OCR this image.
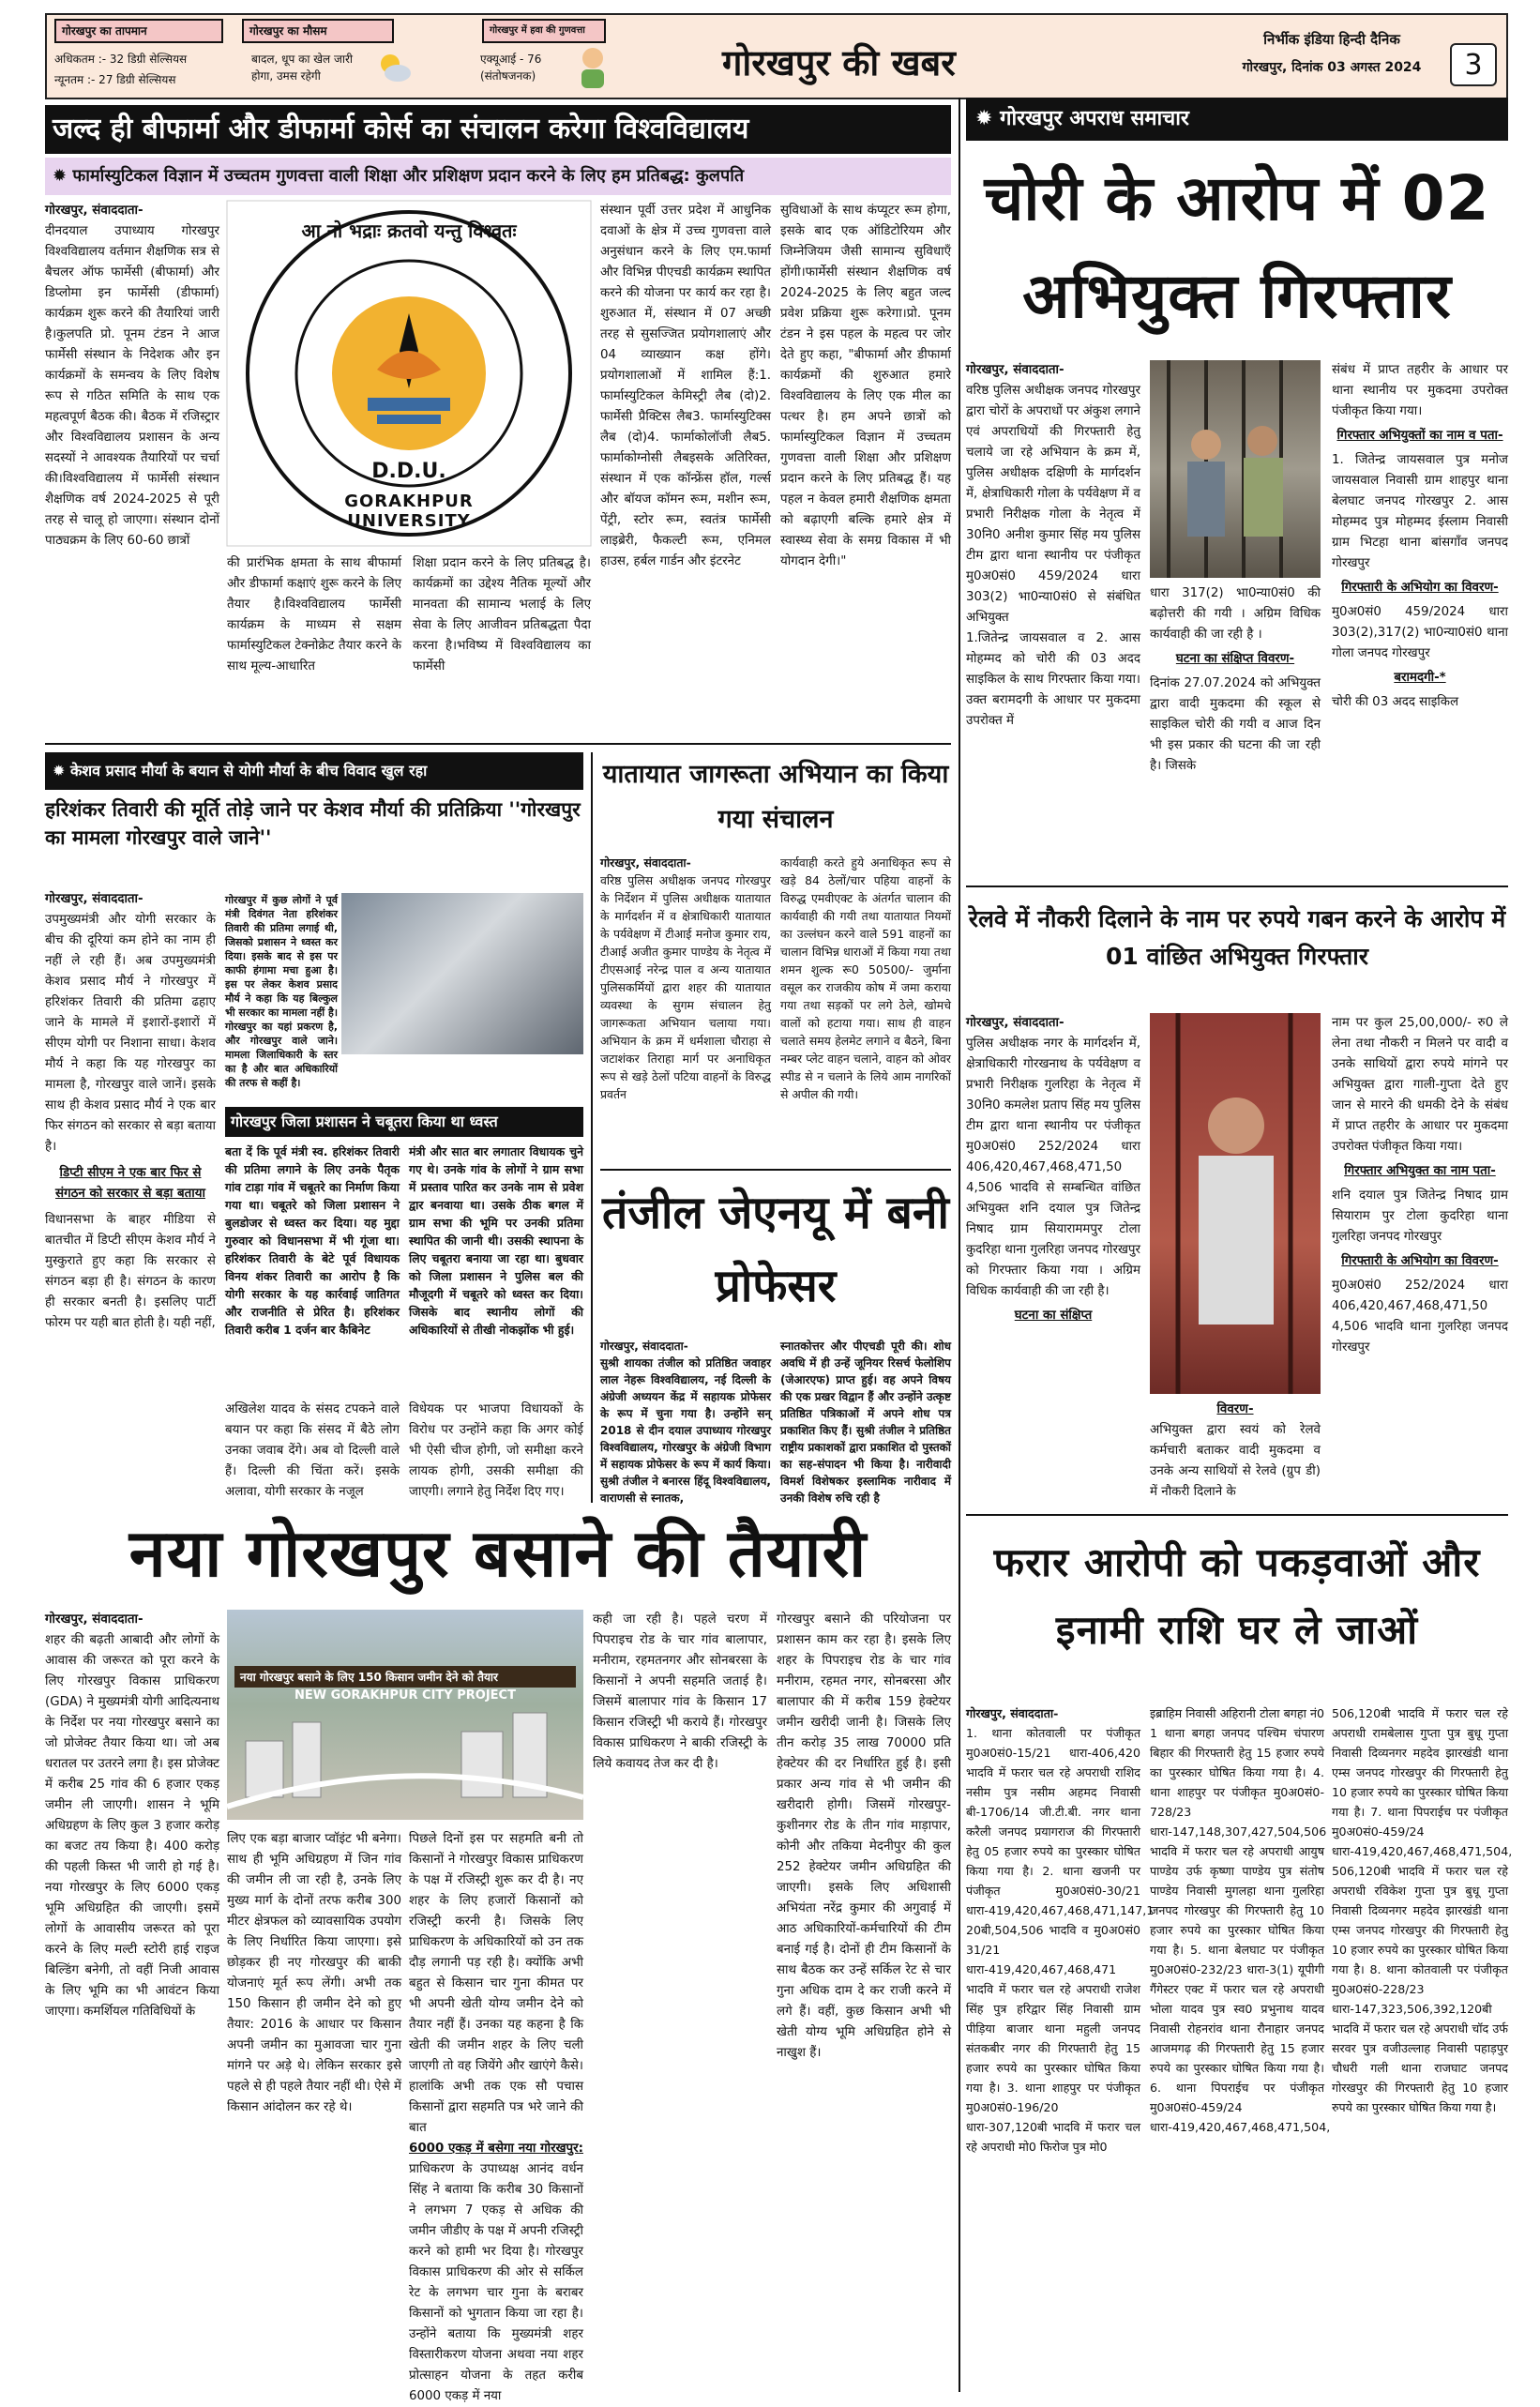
गोरखपुर का तापमान
अधिकतम :- 32 डिग्री सेल्सियस
न्यूनतम :- 27 डिग्री सेल्सियस
गोरखपुर का मौसम
बादल, धूप का खेल जारी होगा, उमस रहेगी
गोरखपुर में हवा की गुणवत्ता
एक्यूआई - 76 (संतोषजनक)	गोरखपुर की खबर
निर्भीक इंडिया हिन्दी दैनिक
गोरखपुर, दिनांक 03 अगस्त 2024	3
जल्द ही बीफार्मा और डीफार्मा कोर्स का संचालन करेगा विश्वविद्यालय
✹ फार्मास्युटिकल विज्ञान में उच्चतम गुणवत्ता वाली शिक्षा और प्रशिक्षण प्रदान करने के लिए हम प्रतिबद्ध: कुलपति
गोरखपुर, संवाददाता-
दीनदयाल उपाध्याय गोरखपुर विश्वविद्यालय वर्तमान शैक्षणिक सत्र से बैचलर ऑफ फार्मेसी (बीफार्मा) और डिप्लोमा इन फार्मेसी (डीफार्मा) कार्यक्रम शुरू करने की तैयारियां जारी है।कुलपति प्रो. पूनम टंडन ने आज फार्मेसी संस्थान के निदेशक और इन कार्यक्रमों के समन्वय के लिए विशेष रूप से गठित समिति के साथ एक महत्वपूर्ण बैठक की। बैठक में रजिस्ट्रार और विश्वविद्यालय प्रशासन के अन्य सदस्यों ने आवश्यक तैयारियों पर चर्चा की।विश्वविद्यालय में फार्मेसी संस्थान शैक्षणिक वर्ष 2024-2025 से पूरी तरह से चालू हो जाएगा। संस्थान दोनों पाठ्यक्रम के लिए 60-60 छात्रों
आ नो भद्राः क्रतवो यन्तु विश्वतः
D.D.U.
GORAKHPUR UNIVERSITY
की प्रारंभिक क्षमता के साथ बीफार्मा और डीफार्मा कक्षाएं शुरू करने के लिए तैयार है।विश्वविद्यालय फार्मेसी कार्यक्रम के माध्यम से सक्षम फार्मास्युटिकल टेक्नोक्रेट तैयार करने के साथ मूल्य-आधारित
शिक्षा प्रदान करने के लिए प्रतिबद्ध है। कार्यक्रमों का उद्देश्य नैतिक मूल्यों और मानवता की सामान्य भलाई के लिए सेवा के लिए आजीवन प्रतिबद्धता पैदा करना है।भविष्य में विश्वविद्यालय का फार्मेसी
संस्थान पूर्वी उत्तर प्रदेश में आधुनिक दवाओं के क्षेत्र में उच्च गुणवत्ता वाले अनुसंधान करने के लिए एम.फार्मा और विभिन्न पीएचडी कार्यक्रम स्थापित करने की योजना पर कार्य कर रहा है।शुरुआत में, संस्थान में 07 अच्छी तरह से सुसज्जित प्रयोगशालाएं और 04 व्याख्यान कक्ष होंगे। प्रयोगशालाओं में शामिल हैं:1. फार्मास्युटिकल केमिस्ट्री लैब (दो)2. फार्मेसी प्रैक्टिस लैब3. फार्मास्युटिक्स लैब (दो)4. फार्माकोलॉजी लैब5. फार्माकोग्नोसी लैबइसके अतिरिक्त, संस्थान में एक कॉन्फ्रेंस हॉल, गर्ल्स और बॉयज कॉमन रूम, मशीन रूम, पेंट्री, स्टोर रूम, स्वतंत्र फार्मेसी लाइब्रेरी, फैकल्टी रूम, एनिमल हाउस, हर्बल गार्डन और इंटरनेट
सुविधाओं के साथ कंप्यूटर रूम होगा, इसके बाद एक ऑडिटोरियम और जिम्नेजियम जैसी सामान्य सुविधाएँ होंगी।फार्मेसी संस्थान शैक्षणिक वर्ष 2024-2025 के लिए बहुत जल्द प्रवेश प्रक्रिया शुरू करेगा।प्रो. पूनम टंडन ने इस पहल के महत्व पर जोर देते हुए कहा, "बीफार्मा और डीफार्मा कार्यक्रमों की शुरुआत हमारे विश्वविद्यालय के लिए एक मील का पत्थर है। हम अपने छात्रों को फार्मास्युटिकल विज्ञान में उच्चतम गुणवत्ता वाली शिक्षा और प्रशिक्षण प्रदान करने के लिए प्रतिबद्ध हैं। यह पहल न केवल हमारी शैक्षणिक क्षमता को बढ़ाएगी बल्कि हमारे क्षेत्र में स्वास्थ्य सेवा के समग्र विकास में भी योगदान देगी।"
✹ केशव प्रसाद मौर्या के बयान से योगी मौर्या के बीच विवाद खुल रहा
हरिशंकर तिवारी की मूर्ति तोड़े जाने पर केशव मौर्या की प्रतिक्रिया ''गोरखपुर का मामला गोरखपुर वाले जाने''
गोरखपुर, संवाददाता-
उपमुख्यमंत्री और योगी सरकार के बीच की दूरियां कम होने का नाम ही नहीं ले रही हैं। अब उपमुख्यमंत्री केशव प्रसाद मौर्य ने गोरखपुर में हरिशंकर तिवारी की प्रतिमा ढहाए जाने के मामले में इशारों-इशारों में सीएम योगी पर निशाना साधा। केशव मौर्य ने कहा कि यह गोरखपुर का मामला है, गोरखपुर वाले जानें। इसके साथ ही केशव प्रसाद मौर्य ने एक बार फिर संगठन को सरकार से बड़ा बताया है।
डिप्टी सीएम ने एक बार फिर से संगठन को सरकार से बड़ा बताया
विधानसभा के बाहर मीडिया से बातचीत में डिप्टी सीएम केशव मौर्य ने मुस्कुराते हुए कहा कि सरकार से संगठन बड़ा ही है। संगठन के कारण ही सरकार बनती है। इसलिए पार्टी फोरम पर यही बात होती है। यही नहीं,
गोरखपुर में कुछ लोगों ने पूर्व मंत्री दिवंगत नेता हरिशंकर तिवारी की प्रतिमा लगाई थी, जिसको प्रशासन ने ध्वस्त कर दिया। इसके बाद से इस पर काफी हंगामा मचा हुआ है। इस पर लेकर केशव प्रसाद मौर्य ने कहा कि यह बिल्कुल भी सरकार का मामला नहीं है। गोरखपुर का यहां प्रकरण है, और गोरखपुर वाले जाने। मामला जिलाधिकारी के स्तर का है और बात अधिकारियों की तरफ से कहीं है।
गोरखपुर जिला प्रशासन ने चबूतरा किया था ध्वस्त
बता दें कि पूर्व मंत्री स्व. हरिशंकर तिवारी की प्रतिमा लगाने के लिए उनके पैतृक गांव टाड़ा गांव में चबूतरे का निर्माण किया गया था। चबूतरे को जिला प्रशासन ने बुलडोजर से ध्वस्त कर दिया। यह मुद्दा गुरुवार को विधानसभा में भी गूंजा था। हरिशंकर तिवारी के बेटे पूर्व विधायक विनय शंकर तिवारी का आरोप है कि योगी सरकार के यह कार्रवाई जातिगत और राजनीति से प्रेरित है। हरिशंकर तिवारी करीब 1 दर्जन बार कैबिनेट
मंत्री और सात बार लगातार विधायक चुने गए थे। उनके गांव के लोगों ने ग्राम सभा में प्रस्ताव पारित कर उनके नाम से प्रवेश द्वार बनवाया था। उसके ठीक बगल में ग्राम सभा की भूमि पर उनकी प्रतिमा स्थापित की जानी थी। उसकी स्थापना के लिए चबूतरा बनाया जा रहा था। बुधवार को जिला प्रशासन ने पुलिस बल की मौजूदगी में चबूतरे को ध्वस्त कर दिया। जिसके बाद स्थानीय लोगों की अधिकारियों से तीखी नोकझोंक भी हुई।
अखिलेश यादव के संसद टपकने वाले बयान पर कहा कि संसद में बैठे लोग उनका जवाब देंगे। अब वो दिल्ली वाले हैं। दिल्ली की चिंता करें। इसके अलावा, योगी सरकार के नजूल
विधेयक पर भाजपा विधायकों के विरोध पर उन्होंने कहा कि अगर कोई भी ऐसी चीज होगी, जो समीक्षा करने लायक होगी, उसकी समीक्षा की जाएगी। लगाने हेतु निर्देश दिए गए।
यातायात जागरूता अभियान का किया गया संचालन
गोरखपुर, संवाददाता-
वरिष्ठ पुलिस अधीक्षक जनपद गोरखपुर के निर्देशन में पुलिस अधीक्षक यातायात के मार्गदर्शन में व क्षेत्राधिकारी यातायात के पर्यवेक्षण में टीआई मनोज कुमार राय, टीआई अजीत कुमार पाण्डेय के नेतृत्व में टीएसआई नरेन्द्र पाल व अन्य यातायात पुलिसकर्मियों द्वारा शहर की यातायात व्यवस्था के सुगम संचालन हेतु जागरूकता अभियान चलाया गया। अभियान के क्रम में धर्मशाला चौराहा से जटाशंकर तिराहा मार्ग पर अनाधिकृत रूप से खड़े ठेलों पटिया वाहनों के विरुद्ध प्रवर्तन
कार्यवाही करते हुये अनाधिकृत रूप से खड़े 84 ठेलों/चार पहिया वाहनों के विरुद्ध एमवीएक्ट के अंतर्गत चालान की कार्यवाही की गयी तथा यातायात नियमों का उल्लंघन करने वाले 591 वाहनों का चालान विभिन्न धाराओं में किया गया तथा शमन शुल्क रू0 50500/- जुर्माना वसूल कर राजकीय कोष में जमा कराया गया तथा सड़कों पर लगे ठेले, खोमचे वालों को हटाया गया। साथ ही वाहन चलाते समय हेलमेट लगाने व बैठने, बिना नम्बर प्लेट वाहन चलाने, वाहन को ओवर स्पीड से न चलाने के लिये आम नागरिकों से अपील की गयी।
तंजील जेएनयू में बनी प्रोफेसर
गोरखपुर, संवाददाता-
सुश्री शायका तंजील को प्रतिष्ठित जवाहर लाल नेहरू विश्वविद्यालय, नई दिल्ली के अंग्रेजी अध्ययन केंद्र में सहायक प्रोफेसर के रूप में चुना गया है। उन्होंने सन् 2018 से दीन दयाल उपाध्याय गोरखपुर विश्वविद्यालय, गोरखपुर के अंग्रेजी विभाग में सहायक प्रोफेसर के रूप में कार्य किया।सुश्री तंजील ने बनारस हिंदू विश्वविद्यालय, वाराणसी से स्नातक,
स्नातकोत्तर और पीएचडी पूरी की। शोध अवधि में ही उन्हें जूनियर रिसर्च फेलोशिप (जेआरएफ) प्राप्त हुई। वह अपने विषय की एक प्रखर विद्वान हैं और उन्होंने उत्कृष्ट प्रतिष्ठित पत्रिकाओं में अपने शोध पत्र प्रकाशित किए हैं। सुश्री तंजील ने प्रतिष्ठित राष्ट्रीय प्रकाशकों द्वारा प्रकाशित दो पुस्तकों का सह-संपादन भी किया है। नारीवादी विमर्श विशेषकर इस्लामिक नारीवाद में उनकी विशेष रुचि रही है
नया गोरखपुर बसाने की तैयारी
गोरखपुर, संवाददाता-
शहर की बढ़ती आबादी और लोगों के आवास की जरूरत को पूरा करने के लिए गोरखपुर विकास प्राधिकरण (GDA) ने मुख्यमंत्री योगी आदित्यनाथ के निर्देश पर नया गोरखपुर बसाने का जो प्रोजेक्ट तैयार किया था। जो अब धरातल पर उतरने लगा है। इस प्रोजेक्ट में करीब 25 गांव की 6 हजार एकड़ जमीन ली जाएगी। शासन ने भूमि अधिग्रहण के लिए कुल 3 हजार करोड़ का बजट तय किया है। 400 करोड़ की पहली किस्त भी जारी हो गई है। नया गोरखपुर के लिए 6000 एकड़ भूमि अधिग्रहित की जाएगी। इसमें लोगों के आवासीय जरूरत को पूरा करने के लिए मल्टी स्टोरी हाई राइज बिल्डिंग बनेगी, तो वहीं निजी आवास के लिए भूमि का भी आवंटन किया जाएगा। कमर्शियल गतिविधियों के
नया गोरखपुर बसाने के लिए 150 किसान जमीन देने को तैयार
NEW GORAKHPUR CITY PROJECT
लिए एक बड़ा बाजार प्वॉइंट भी बनेगा। साथ ही भूमि अधिग्रहण में जिन गांव की जमीन ली जा रही है, उनके लिए मुख्य मार्ग के दोनों तरफ करीब 300 मीटर क्षेत्रफल को व्यावसायिक उपयोग के लिए निर्धारित किया जाएगा। इसे छोड़कर ही नए गोरखपुर की बाकी योजनाएं मूर्त रूप लेंगी। अभी तक 150 किसान ही जमीन देने को हुए तैयार: 2016 के आधार पर किसान अपनी जमीन का मुआवजा चार गुना मांगने पर अड़े थे। लेकिन सरकार इसे पहले से ही पहले तैयार नहीं थी। ऐसे में किसान आंदोलन कर रहे थे।
पिछले दिनों इस पर सहमति बनी तो किसानों ने गोरखपुर विकास प्राधिकरण के पक्ष में रजिस्ट्री शुरू कर दी है। नए शहर के लिए हजारों किसानों को रजिस्ट्री करनी है। जिसके लिए प्राधिकरण के अधिकारियों को उन तक दौड़ लगानी पड़ रही है। क्योंकि अभी बहुत से किसान चार गुना कीमत पर भी अपनी खेती योग्य जमीन देने को तैयार नहीं हैं। उनका यह कहना है कि खेती की जमीन शहर के लिए चली जाएगी तो वह जियेंगे और खाएंगे कैसे। हालांकि अभी तक एक सौ पचास किसानों द्वारा सहमति पत्र भरे जाने की बात
6000 एकड़ में बसेगा नया गोरखपुर: प्राधिकरण के उपाध्यक्ष आनंद वर्धन सिंह ने बताया कि करीब 30 किसानों ने लगभग 7 एकड़ से अधिक की जमीन जीडीए के पक्ष में अपनी रजिस्ट्री करने को हामी भर दिया है। गोरखपुर विकास प्राधिकरण की ओर से सर्किल रेट के लगभग चार गुना के बराबर किसानों को भुगतान किया जा रहा है। उन्होंने बताया कि मुख्यमंत्री शहर विस्तारीकरण योजना अथवा नया शहर प्रोत्साहन योजना के तहत करीब 6000 एकड़ में नया
कही जा रही है। पहले चरण में पिपराइच रोड के चार गांव बालापार, मनीराम, रहमतनगर और सोनबरसा के किसानों ने अपनी सहमति जताई है। जिसमें बालापार गांव के किसान 17 किसान रजिस्ट्री भी कराये हैं। गोरखपुर विकास प्राधिकरण ने बाकी रजिस्ट्री के लिये कवायद तेज कर दी है।
गोरखपुर बसाने की परियोजना पर प्रशासन काम कर रहा है। इसके लिए शहर के पिपराइच रोड के चार गांव मनीराम, रहमत नगर, सोनबरसा और बालापार की में करीब 159 हेक्टेयर जमीन खरीदी जानी है। जिसके लिए तीन करोड़ 35 लाख 70000 प्रति हेक्टेयर की दर निर्धारित हुई है। इसी प्रकार अन्य गांव से भी जमीन की खरीदारी होगी। जिसमें गोरखपुर- कुशीनगर रोड के तीन गांव माड़ापार, कोनी और तकिया मेदनीपुर की कुल 252 हेक्टेयर जमीन अधिग्रहित की जाएगी। इसके लिए अधिशासी अभियंता नरेंद्र कुमार की अगुवाई में आठ अधिकारियों-कर्मचारियों की टीम बनाई गई है। दोनों ही टीम किसानों के साथ बैठक कर उन्हें सर्किल रेट से चार गुना अधिक दाम दे कर राजी करने में लगे हैं। वहीं, कुछ किसान अभी भी खेती योग्य भूमि अधिग्रहित होने से नाखुश हैं।
✹ गोरखपुर अपराध समाचार
चोरी के आरोप में 02 अभियुक्त गिरफ्तार
गोरखपुर, संवाददाता-
वरिष्ठ पुलिस अधीक्षक जनपद गोरखपुर द्वारा चोरों के अपराधों पर अंकुश लगाने एवं अपराधियों की गिरफ्तारी हेतु चलाये जा रहे अभियान के क्रम में, पुलिस अधीक्षक दक्षिणी के मार्गदर्शन में, क्षेत्राधिकारी गोला के पर्यवेक्षण में व प्रभारी निरीक्षक गोला के नेतृत्व में 30नि0 अनीश कुमार सिंह मय पुलिस टीम द्वारा थाना स्थानीय पर पंजीकृत मु0अ0सं0 459/2024 धारा 303(2) भा0न्या0सं0 से संबंधित अभियुक्त
1.जितेन्द्र जायसवाल व 2. आस मोहम्मद को चोरी की 03 अदद साइकिल के साथ गिरफ्तार किया गया। उक्त बरामदगी के आधार पर मुकदमा उपरोक्त में
धारा 317(2) भा0न्या0सं0 की बढ़ोत्तरी की गयी । अग्रिम विधिक कार्यवाही की जा रही है ।
घटना का संक्षिप्त विवरण-
दिनांक 27.07.2024 को अभियुक्त द्वारा वादी मुकदमा की स्कूल से साइकिल चोरी की गयी व आज दिन भी इस प्रकार की घटना की जा रही है। जिसके
संबंध में प्राप्त तहरीर के आधार पर थाना स्थानीय पर मुकदमा उपरोक्त पंजीकृत किया गया।
गिरफ्तार अभियुक्तों का नाम व पता-
1. जितेन्द्र जायसवाल पुत्र मनोज जायसवाल निवासी ग्राम शाहपुर थाना बेलघाट जनपद गोरखपुर 2. आस मोहम्मद पुत्र मोहम्मद ईस्लाम निवासी ग्राम भिटहा थाना बांसगाँव जनपद गोरखपुर
गिरफ्तारी के अभियोग का विवरण-
मु0अ0सं0 459/2024 धारा 303(2),317(2) भा0न्या0सं0 थाना गोला जनपद गोरखपुर
बरामदगी-*
चोरी की 03 अदद साइकिल
रेलवे में नौकरी दिलाने के नाम पर रुपये गबन करने के आरोप में 01 वांछित अभियुक्त गिरफ्तार
गोरखपुर, संवाददाता-
पुलिस अधीक्षक नगर के मार्गदर्शन में, क्षेत्राधिकारी गोरखनाथ के पर्यवेक्षण व प्रभारी निरीक्षक गुलरिहा के नेतृत्व में 30नि0 कमलेश प्रताप सिंह मय पुलिस टीम द्वारा थाना स्थानीय पर पंजीकृत मु0अ0सं0 252/2024 धारा 406,420,467,468,471,50 4,506 भादवि से सम्बन्धित वांछित अभियुक्त शनि दयाल पुत्र जितेन्द्र निषाद ग्राम सियाराममपुर टोला कुदरिहा थाना गुलरिहा जनपद गोरखपुर को गिरफ्तार किया गया । अग्रिम विधिक कार्यवाही की जा रही है।
घटना का संक्षिप्त
विवरण-
अभियुक्त द्वारा स्वयं को रेलवे कर्मचारी बताकर वादी मुकदमा व उनके अन्य साथियों से रेलवे (ग्रुप डी) में नौकरी दिलाने के
नाम पर कुल 25,00,000/- रु0 ले लेना तथा नौकरी न मिलने पर वादी व उनके साथियों द्वारा रुपये मांगने पर अभियुक्त द्वारा गाली-गुप्ता देते हुए जान से मारने की धमकी देने के संबंध में प्राप्त तहरीर के आधार पर मुकदमा उपरोक्त पंजीकृत किया गया।
गिरफ्तार अभियुक्त का नाम पता-
शनि दयाल पुत्र जितेन्द्र निषाद ग्राम सियाराम पुर टोला कुदरिहा थाना गुलरिहा जनपद गोरखपुर
गिरफ्तारी के अभियोग का विवरण-
मु0अ0सं0 252/2024 धारा 406,420,467,468,471,50 4,506 भादवि थाना गुलरिहा जनपद गोरखपुर
फरार आरोपी को पकड़वाओं और इनामी राशि घर ले जाओं
गोरखपुर, संवाददाता-
1. थाना कोतवाली पर पंजीकृत मु0अ0सं0-15/21 धारा-406,420 भादवि में फरार चल रहे अपराधी राशिद नसीम पुत्र नसीम अहमद निवासी बी-1706/14 जी.टी.बी. नगर थाना करैली जनपद प्रयागराज की गिरफ्तारी हेतु 05 हजार रुपये का पुरस्कार घोषित किया गया है। 2. थाना खजनी पर पंजीकृत मु0अ0सं0-30/21 धारा-419,420,467,468,471,147,1 20बी,504,506 भादवि व मु0अ0सं0 31/21 धारा-419,420,467,468,471 भादवि में फरार चल रहे अपराधी राजेश सिंह पुत्र हरिद्वार सिंह निवासी ग्राम पीड़िया बाजार थाना महुली जनपद संतकबीर नगर की गिरफ्तारी हेतु 15 हजार रुपये का पुरस्कार घोषित किया गया है। 3. थाना शाहपुर पर पंजीकृत मु0अ0सं0-196/20 धारा-307,120बी भादवि में फरार चल रहे अपराधी मो0 फिरोज पुत्र मो0
इब्राहिम निवासी अहिरानी टोला बगहा नं0 1 थाना बगहा जनपद पश्चिम चंपारण बिहार की गिरफ्तारी हेतु 15 हजार रुपये का पुरस्कार घोषित किया गया है। 4. थाना शाहपुर पर पंजीकृत मु0अ0सं0-728/23 धारा-147,148,307,427,504,506 भादवि में फरार चल रहे अपराधी आयुष पाण्डेय उर्फ कृष्णा पाण्डेय पुत्र संतोष पाण्डेय निवासी मुगलहा थाना गुलरिहा जनपद गोरखपुर की गिरफ्तारी हेतु 10 हजार रुपये का पुरस्कार घोषित किया गया है। 5. थाना बेलघाट पर पंजीकृत मु0अ0सं0-232/23 धारा-3(1) यूपीगी गैंगेस्टर एक्ट में फरार चल रहे अपराधी भोला यादव पुत्र स्व0 प्रभुनाथ यादव निवासी रोहनरांव थाना रौनाहार जनपद आजमगढ़ की गिरफ्तारी हेतु 15 हजार रुपये का पुरस्कार घोषित किया गया है। 6. थाना पिपराईच पर पंजीकृत मु0अ0सं0-459/24 धारा-419,420,467,468,471,504,
506,120बी भादवि में फरार चल रहे अपराधी रामबेलास गुप्ता पुत्र बुधू गुप्ता निवासी दिव्यनगर महदेव झारखंडी थाना एम्स जनपद गोरखपुर की गिरफ्तारी हेतु 10 हजार रुपये का पुरस्कार घोषित किया गया है। 7. थाना पिपराईच पर पंजीकृत मु0अ0सं0-459/24 धारा-419,420,467,468,471,504, 506,120बी भादवि में फरार चल रहे अपराधी रविकेश गुप्ता पुत्र बुधू गुप्ता निवासी दिव्यनगर महदेव झारखंडी थाना एम्स जनपद गोरखपुर की गिरफ्तारी हेतु 10 हजार रुपये का पुरस्कार घोषित किया गया है। 8. थाना कोतवाली पर पंजीकृत मु0अ0सं0-228/23 धारा-147,323,506,392,120बी भादवि में फरार चल रहे अपराधी चॉद उर्फ सरवर पुत्र वजीउल्लाह निवासी पहाड़पुर चौधरी गली थाना राजघाट जनपद गोरखपुर की गिरफ्तारी हेतु 10 हजार रुपये का पुरस्कार घोषित किया गया है।
